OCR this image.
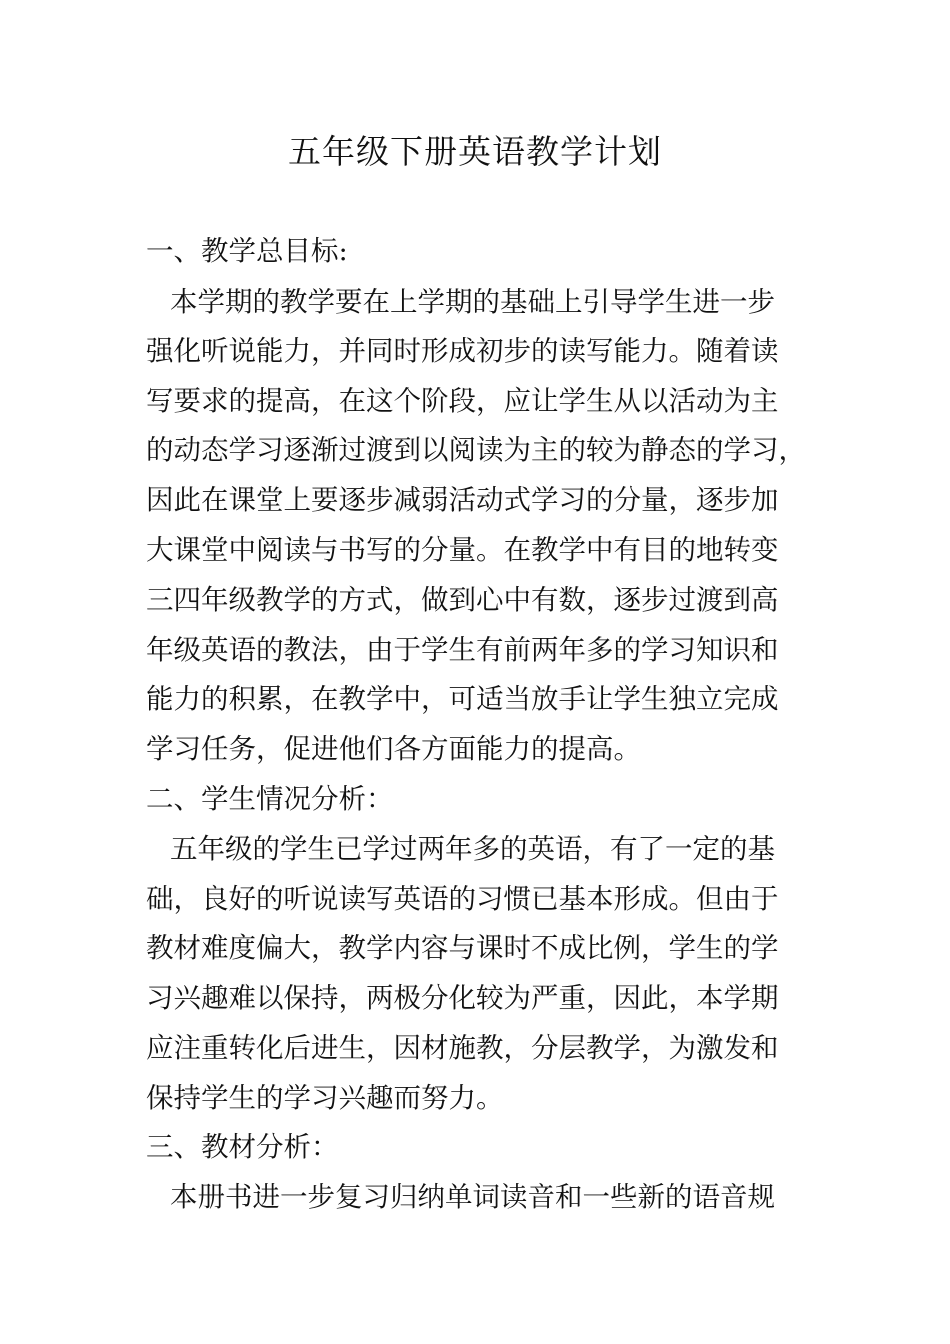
五年级下册英语教学计划
一、教学总目标:
本学期的教学要在上学期的基础上引导学生进一步
强化听说能力，并同时形成初步的读写能力。随着读
写要求的提高，在这个阶段，应让学生从以活动为主
的动态学习逐渐过渡到以阅读为主的较为静态的学习，
因此在课堂上要逐步减弱活动式学习的分量，逐步加
大课堂中阅读与书写的分量。在教学中有目的地转变
三四年级教学的方式，做到心中有数，逐步过渡到高
年级英语的教法，由于学生有前两年多的学习知识和
能力的积累，在教学中，可适当放手让学生独立完成
学习任务，促进他们各方面能力的提高。
二、学生情况分析：
五年级的学生已学过两年多的英语，有了一定的基
础，良好的听说读写英语的习惯已基本形成。但由于
教材难度偏大，教学内容与课时不成比例，学生的学
习兴趣难以保持，两极分化较为严重，因此，本学期
应注重转化后进生，因材施教，分层教学，为激发和
保持学生的学习兴趣而努力。
三、教材分析：
本册书进一步复习归纳单词读音和一些新的语音规
